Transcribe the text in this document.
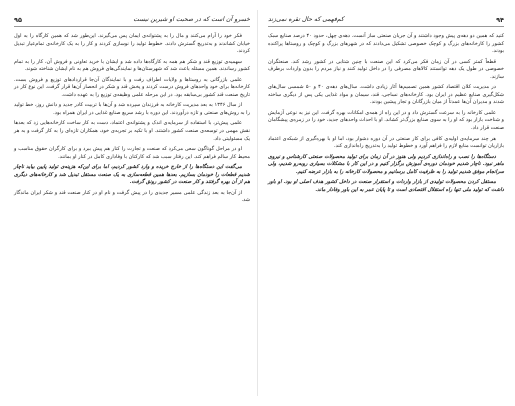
خسرو آن است که در صحبت او شیرین نیست
۹۵

فکر خود را آرام می‌کنند و مال را به پشتوانه‌ی ایمان پس می‌گیرند. این‌طور شد که همین کارگاه را به اول خیابان کشاندند و به‌تدریج گسترش دادند. خطوط تولید را نوسازی کردند و کار را به یک کارخانه‌ی تمام‌عیار تبدیل کردند.

سهمیه‌ی توزیع قند و شکر هم همه به کارگاه‌ها داده شد و ایشان با خرید تعاونی و فروش آن، کار را به تمام کشور رساندند. همین مسئله باعث شد که شهرستان‌ها و نمایندگی‌های فروش هم به نام ایشان شناخته شوند.

علمی بازرگانی به روستاها و ولایات اطراف رفت و با نمایندگان آن‌جا قراردادهای توزیع و فروش بست. کارخانه‌ها برای خود واحدهای فروش درست کردند و پخش قند و شکر در انحصار آن‌ها قرار گرفت. این نوع کار در تاریخ صنعت قند کشور بی‌سابقه بود. در این مرحله علمی وظیفه‌ی توزیع را به عهده داشت.

از سال ۱۳۴۶ به بعد مدیریت کارخانه به فرزندان سپرده شد و آن‌ها با تربیت کادر جدید و دانش روز، خط تولید را به روش‌های صنعتی و تازه درآوردند. این دوره با رشد سریع صنایع غذایی در ایران همراه بود.

علمی پیش‌تر، با استفاده از سرمایه‌ی اندک و پشتوانه‌ی اعتماد، دست به کار ساخت کارخانه‌هایی زد که بعدها نقش مهمی در توسعه‌ی صنعت کشور داشتند. او با تکیه بر تجربه‌ی خود، همکاران تازه‌ای را به کار گرفت و به هر یک مسئولیتی داد.

او در مراحل گوناگون سعی می‌کرد که صنعت و تجارت را کنار هم پیش ببرد و برای کارگران حقوق مناسب و محیط کار سالم فراهم کند. این رفتار سبب شد که کارکنان با وفاداری کامل در کنار او بمانند.

می‌گفت این دستگاه‌ها را از خارج خریده و وارد کشور کردیم، اما برای این‌که هزینه‌ی تولید پایین بیاید ناچار شدیم قطعات را خودمان بسازیم. بعدها همین قطعه‌سازی به یک صنعت مستقل تبدیل شد و کارخانه‌های دیگری هم از آن بهره گرفتند و کار صنعت در کشور رونق گرفت.

از آن‌جا به بعد زندگی علمی مسیر جدیدی را در پیش گرفت و نام او در کنار صنعت قند و شکر ایران ماندگار شد.

۹۴
کم‌فهمی که حال تقره نمی‌زند

کنید که همین دو دهه‌ی پیش وجود داشتند و آن جریان صنعتی ساز آنست. دهه‌ی چهل، حدود ۴۰ درصد صنایع سبک کشور را کارخانه‌های بزرگ و کوچک خصوصی تشکیل می‌دادند که در شهرهای بزرگ و کوچک و روستاها پراکنده بودند.

قطعاً کمتر کسی در آن زمان فکر می‌کرد که این صنعت با چنین شتابی در کشور رشد کند. صنعتگران خصوصی در طول یک دهه توانستند کالاهای مصرفی را در داخل تولید کنند و نیاز مردم را بدون واردات برطرف سازند.

در مدیریت کلان اقتصاد کشور همین تصمیم‌ها آثار زیادی داشت. سال‌های دهه‌ی ۴۰ و ۵۰ شمسی سال‌های شکل‌گیری صنایع عظیم در ایران بود. کارخانه‌های نساجی، قند، سیمان و مواد غذایی یکی پس از دیگری ساخته شدند و مدیران آن‌ها عمدتاً از میان بازرگانان و تجار پیشین بودند.

علمی کارخانه را به سرعت گسترش داد و در این راه از همه‌ی امکانات بهره گرفت. این نیز به نوعی آزمایش و شناخت بازار بود که او را به سوی صنایع بزرگ‌تر کشاند. او با احداث واحدهای جدید، خود را در زمره‌ی پیشگامان صنعت قرار داد.

هر چند سرمایه‌ی اولیه‌ی کافی برای کار صنعتی در آن دوره دشوار بود، اما او با بهره‌گیری از شبکه‌ی اعتماد بازاریان توانست منابع لازم را فراهم آورد و خطوط تولید را به‌تدریج راه‌اندازی کند.

دستگاه‌ها را نصب و راه‌اندازی کردیم ولی هنوز در آن زمان برای تولید محصولات صنعتی کارشناس و نیروی ماهر نبود. ناچار شدیم خودمان دوره‌ی آموزش برگزار کنیم و در این کار با مشکلات بسیاری روبه‌رو شدیم، ولی سرانجام موفق شدیم تولید را به ظرفیت کامل برسانیم و محصولات کارخانه را به بازار عرضه کنیم.

مستقل کردن محصولات تولیدی از بازار واردات و استقرار صنعت در داخل کشور هدف اصلی او بود. او باور داشت که تولید ملی تنها راه استقلال اقتصادی است و تا پایان عمر به این باور وفادار ماند.
